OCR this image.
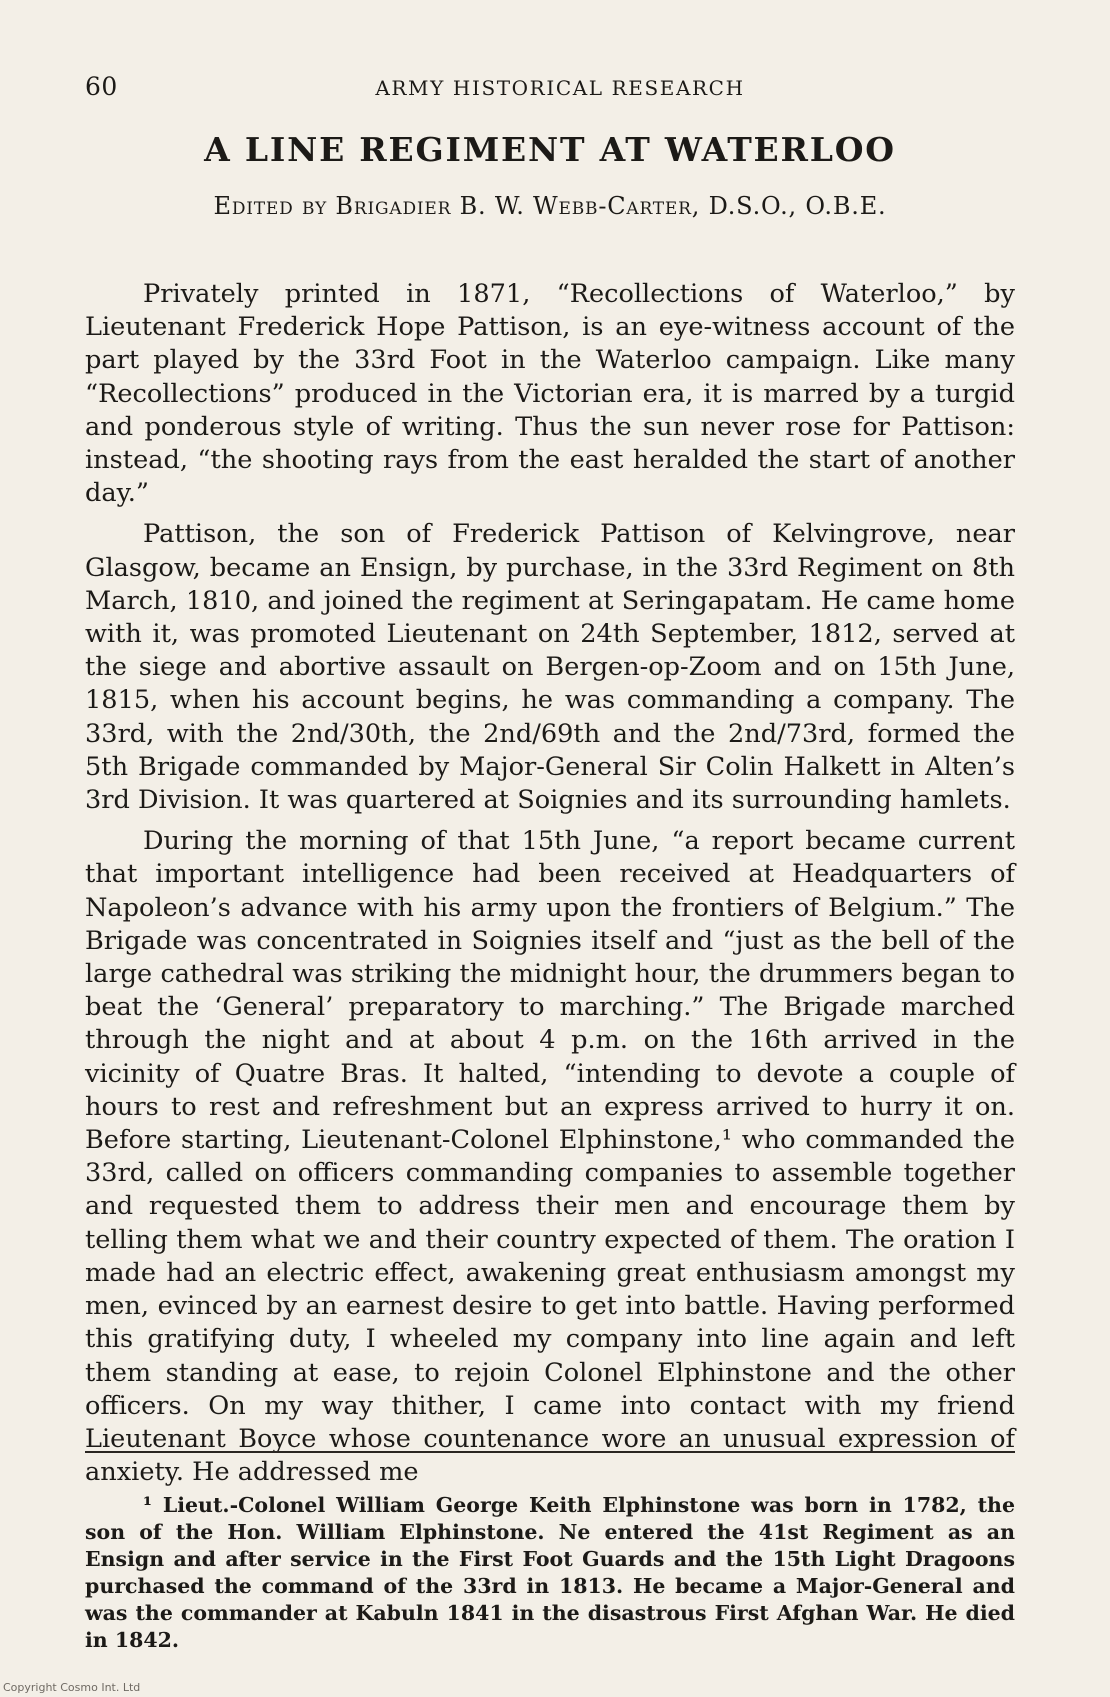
60	ARMY HISTORICAL RESEARCH
A LINE REGIMENT AT WATERLOO
Edited by Brigadier B. W. Webb-Carter, D.S.O., O.B.E.

Privately printed in 1871, “Recollections of Waterloo,” by Lieutenant Frederick Hope Pattison, is an eye-witness account of the part played by the 33rd Foot in the Waterloo campaign. Like many “Recollections” produced in the Victorian era, it is marred by a turgid and ponderous style of writing. Thus the sun never rose for Pattison: instead, “the shooting rays from the east heralded the start of another day.”

Pattison, the son of Frederick Pattison of Kelvingrove, near Glasgow, became an Ensign, by purchase, in the 33rd Regiment on 8th March, 1810, and joined the regiment at Seringapatam. He came home with it, was promoted Lieutenant on 24th September, 1812, served at the siege and abortive assault on Bergen-op-Zoom and on 15th June, 1815, when his account begins, he was commanding a company. The 33rd, with the 2nd/30th, the 2nd/69th and the 2nd/73rd, formed the 5th Brigade commanded by Major-General Sir Colin Halkett in Alten’s 3rd Division. It was quartered at Soignies and its surrounding hamlets.

During the morning of that 15th June, “a report became current that important intelligence had been received at Headquarters of Napoleon’s advance with his army upon the frontiers of Belgium.” The Brigade was concentrated in Soignies itself and “just as the bell of the large cathedral was striking the midnight hour, the drummers began to beat the ‘General’ preparatory to marching.” The Brigade marched through the night and at about 4 p.m. on the 16th arrived in the vicinity of Quatre Bras. It halted, “intending to devote a couple of hours to rest and refreshment but an express arrived to hurry it on. Before starting, Lieutenant-Colonel Elphinstone,¹ who commanded the 33rd, called on officers commanding companies to assemble together and requested them to address their men and encourage them by telling them what we and their country expected of them. The oration I made had an electric effect, awakening great enthusiasm amongst my men, evinced by an earnest desire to get into battle. Having performed this gratifying duty, I wheeled my company into line again and left them standing at ease, to rejoin Colonel Elphinstone and the other officers. On my way thither, I came into contact with my friend Lieutenant Boyce whose countenance wore an unusual expression of anxiety. He addressed me

¹ Lieut.-Colonel William George Keith Elphinstone was born in 1782, the son of the Hon. William Elphinstone. Ne entered the 41st Regiment as an Ensign and after service in the First Foot Guards and the 15th Light Dragoons purchased the command of the 33rd in 1813. He became a Major-General and was the commander at Kabuln 1841 in the disastrous First Afghan War. He died in 1842.

Copyright Cosmo Int. Ltd
